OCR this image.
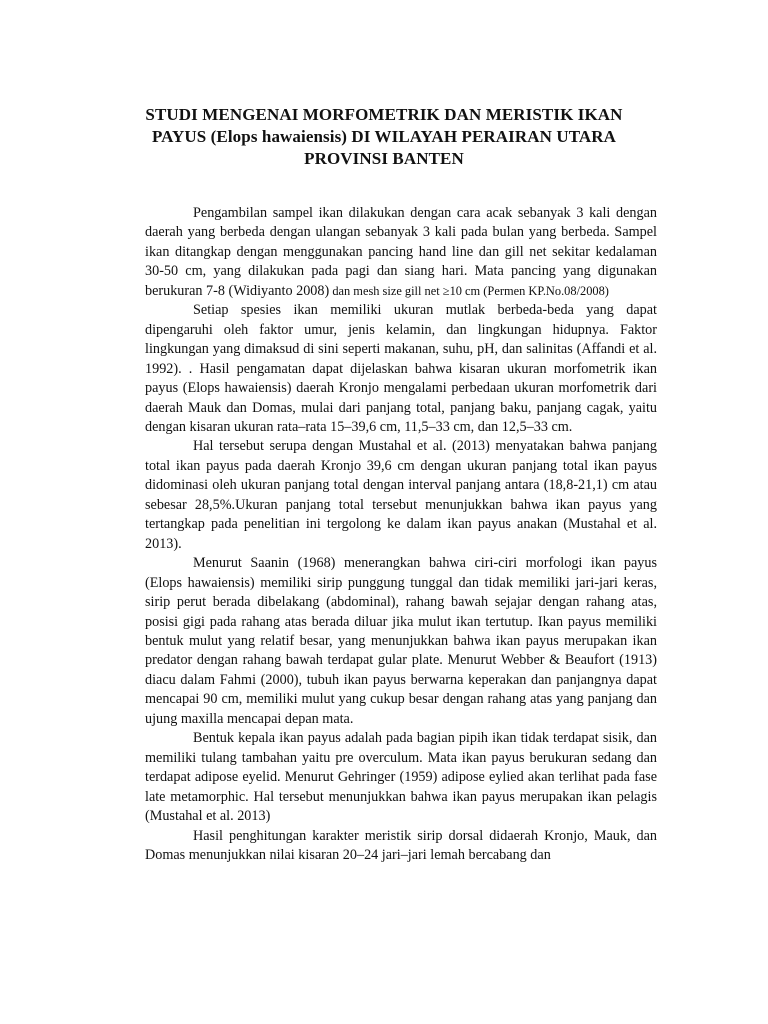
STUDI MENGENAI MORFOMETRIK DAN MERISTIK IKAN
PAYUS (Elops hawaiensis) DI WILAYAH PERAIRAN UTARA
PROVINSI BANTEN

Pengambilan sampel ikan dilakukan dengan cara acak sebanyak 3 kali dengan daerah yang berbeda dengan ulangan sebanyak 3 kali pada bulan yang berbeda. Sampel ikan ditangkap dengan menggunakan pancing hand line dan gill net sekitar kedalaman 30-50 cm, yang dilakukan pada pagi dan siang hari. Mata pancing yang digunakan berukuran 7-8 (Widiyanto 2008) dan mesh size gill net ≥10 cm (Permen KP.No.08/2008)

Setiap spesies ikan memiliki ukuran mutlak berbeda-beda yang dapat dipengaruhi oleh faktor umur, jenis kelamin, dan lingkungan hidupnya. Faktor lingkungan yang dimaksud di sini seperti makanan, suhu, pH, dan salinitas (Affandi et al. 1992). . Hasil pengamatan dapat dijelaskan bahwa kisaran ukuran morfometrik ikan payus (Elops hawaiensis) daerah Kronjo mengalami perbedaan ukuran morfometrik dari daerah Mauk dan Domas, mulai dari panjang total, panjang baku, panjang cagak, yaitu dengan kisaran ukuran rata–rata 15–39,6 cm, 11,5–33 cm, dan 12,5–33 cm.

Hal tersebut serupa dengan Mustahal et al. (2013) menyatakan bahwa panjang total ikan payus pada daerah Kronjo 39,6 cm dengan ukuran panjang total ikan payus didominasi oleh ukuran panjang total dengan interval panjang antara (18,8-21,1) cm atau sebesar 28,5%.Ukuran panjang total tersebut menunjukkan bahwa ikan payus yang tertangkap pada penelitian ini tergolong ke dalam ikan payus anakan (Mustahal et al. 2013).

Menurut Saanin (1968) menerangkan bahwa ciri-ciri morfologi ikan payus (Elops hawaiensis) memiliki sirip punggung tunggal dan tidak memiliki jari-jari keras, sirip perut berada dibelakang (abdominal), rahang bawah sejajar dengan rahang atas, posisi gigi pada rahang atas berada diluar jika mulut ikan tertutup. Ikan payus memiliki bentuk mulut yang relatif besar, yang menunjukkan bahwa ikan payus merupakan ikan predator dengan rahang bawah terdapat gular plate. Menurut Webber & Beaufort (1913) diacu dalam Fahmi (2000), tubuh ikan payus berwarna keperakan dan panjangnya dapat mencapai 90 cm, memiliki mulut yang cukup besar dengan rahang atas yang panjang dan ujung maxilla mencapai depan mata.

Bentuk kepala ikan payus adalah pada bagian pipih ikan tidak terdapat sisik, dan memiliki tulang tambahan yaitu pre overculum. Mata ikan payus berukuran sedang dan terdapat adipose eyelid. Menurut Gehringer (1959) adipose eylied akan terlihat pada fase late metamorphic. Hal tersebut menunjukkan bahwa ikan payus merupakan ikan pelagis (Mustahal et al. 2013)

Hasil penghitungan karakter meristik sirip dorsal didaerah Kronjo, Mauk, dan Domas menunjukkan nilai kisaran 20–24 jari–jari lemah bercabang dan
